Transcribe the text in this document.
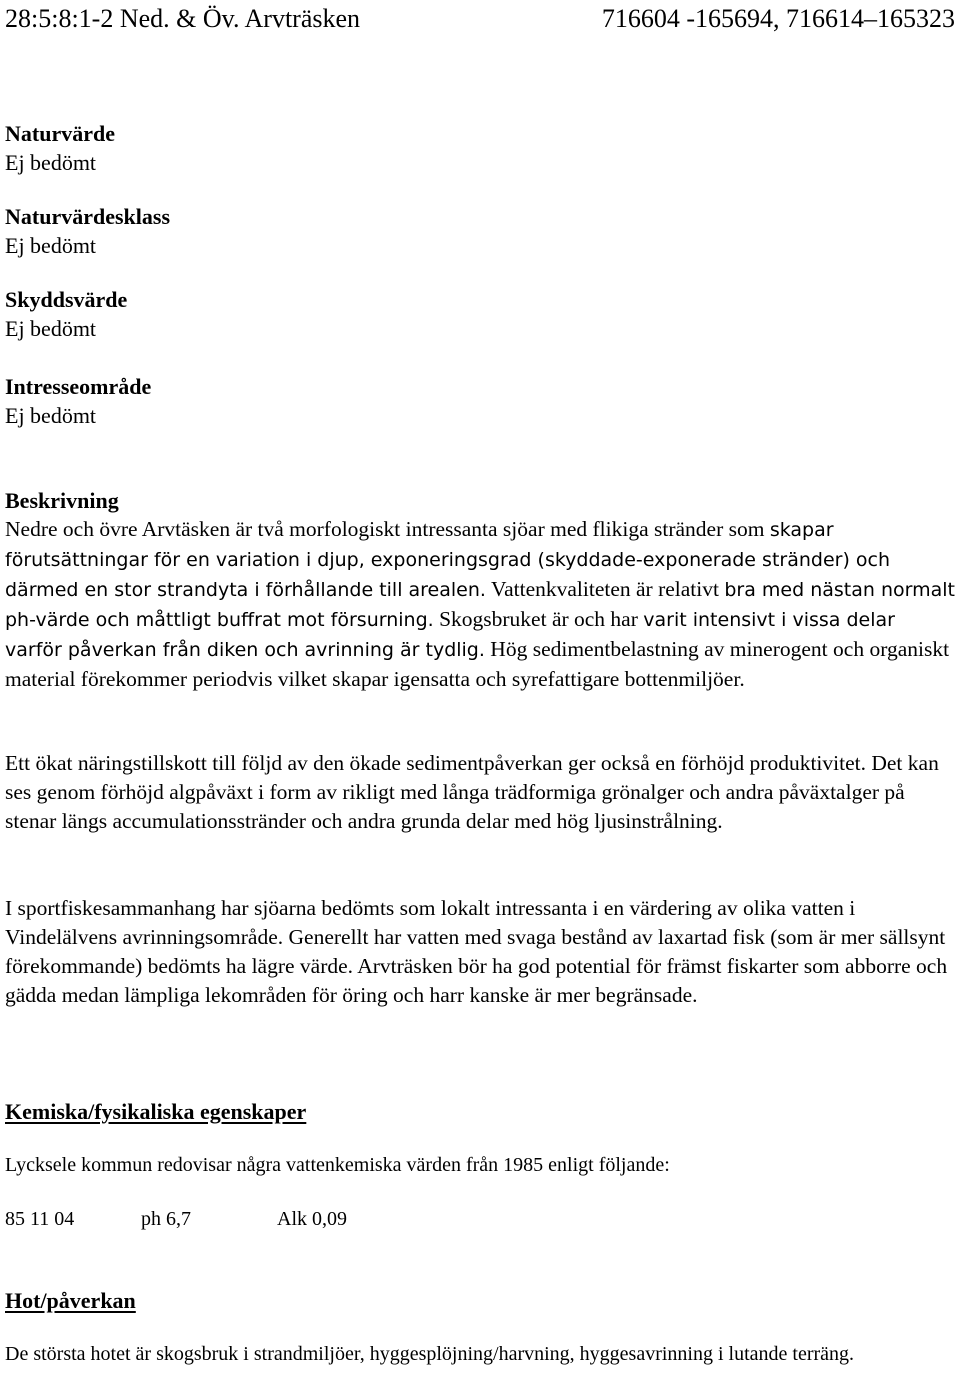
28:5:8:1-2 Ned. & Öv. Arvträsken	716604 -165694, 716614–165323
Naturvärde
Ej bedömt
Naturvärdesklass
Ej bedömt
Skyddsvärde
Ej bedömt
Intresseområde
Ej bedömt
Beskrivning

Nedre och övre Arvtäsken är två morfologiskt intressanta sjöar med flikiga stränder som skapar förutsättningar för en variation i djup, exponeringsgrad (skyddade-exponerade stränder) och därmed en stor strandyta i förhållande till arealen. Vattenkvaliteten är relativt bra med nästan normalt ph-värde och måttligt buffrat mot försurning. Skogsbruket är och har varit intensivt i vissa delar varför påverkan från diken och avrinning är tydlig. Hög sedimentbelastning av minerogent och organiskt material förekommer periodvis vilket skapar igensatta och syrefattigare bottenmiljöer.

Ett ökat näringstillskott till följd av den ökade sedimentpåverkan ger också en förhöjd produktivitet. Det kan ses genom förhöjd algpåväxt i form av rikligt med långa trädformiga grönalger och andra påväxtalger på stenar längs accumulationsstränder och andra grunda delar med hög ljusinstrålning.

I sportfiskesammanhang har sjöarna bedömts som lokalt intressanta i en värdering av olika vatten i Vindelälvens avrinningsområde. Generellt har vatten med svaga bestånd av laxartad fisk (som är mer sällsynt förekommande) bedömts ha lägre värde. Arvträsken bör ha god potential för främst fiskarter som abborre och gädda medan lämpliga lekområden för öring och harr kanske är mer begränsade.

Kemiska/fysikaliska egenskaper

Lycksele kommun redovisar några vattenkemiska värden från 1985 enligt följande:

85 11 04	ph 6,7	Alk 0,09
Hot/påverkan

De största hotet är skogsbruk i strandmiljöer, hyggesplöjning/harvning, hyggesavrinning i lutande terräng.
